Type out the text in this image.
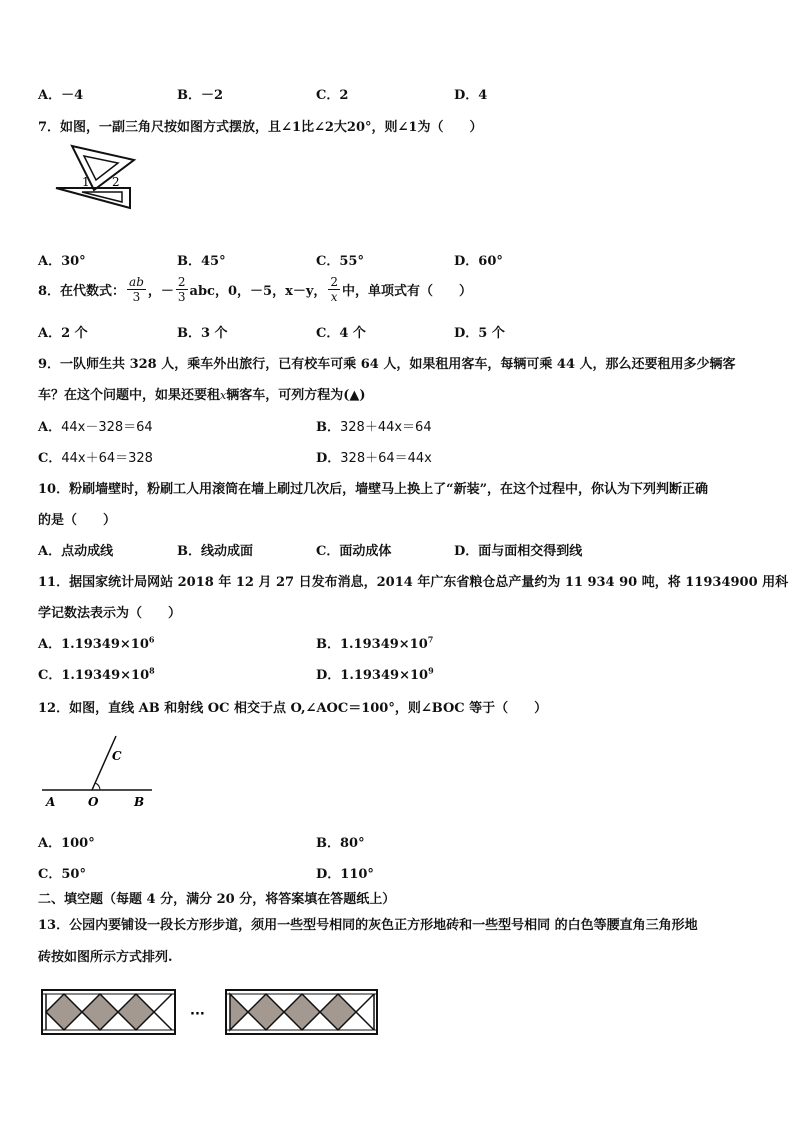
A．－4	B．－2	C．2	D．4
7．如图，一副三角尺按如图方式摆放，且∠1比∠2大20°，则∠1为（　　）
1 2
A．30°	B．45°	C．55°	D．60°
8．在代数式： $\frac{ab}{3}$ ，－ $\frac{2}{3}$ abc，0，－5，x－y， $\frac{2}{x}$ 中，单项式有（　　）
A．2 个	B．3 个	C．4 个	D．5 个
9．一队师生共 328 人，乘车外出旅行，已有校车可乘 64 人，如果租用客车，每辆可乘 44 人，那么还要租用多少辆客
车？在这个问题中，如果还要租x辆客车，可列方程为(▲)
A．44x－328＝64	B．328＋44x＝64
C．44x＋64＝328	D．328＋64＝44x
10．粉刷墙壁时，粉刷工人用滚筒在墙上刷过几次后，墙壁马上换上了“新装”，在这个过程中，你认为下列判断正确
的是（　　）
A．点动成线	B．线动成面	C．面动成体	D．面与面相交得到线
11．据国家统计局网站 2018 年 12 月 27 日发布消息，2014 年广东省粮仓总产量约为 11 934 90 吨，将 11934900 用科
学记数法表示为（　　）
A．$1.19349\times 10^6$	B．$1.19349\times 10^7$
C．$1.19349\times 10^8$	D．$1.19349\times 10^9$
12．如图，直线 AB 和射线 OC 相交于点 O,∠AOC＝100°，则∠BOC 等于（　　）
A	O	B
C
A．100°	B．80°
C．50°	D．110°
二、填空题（每题 4 分，满分 20 分，将答案填在答题纸上）
13．公园内要铺设一段长方形步道，须用一些型号相同的灰色正方形地砖和一些型号相同 的白色等腰直角三角形地
砖按如图所示方式排列.
···
